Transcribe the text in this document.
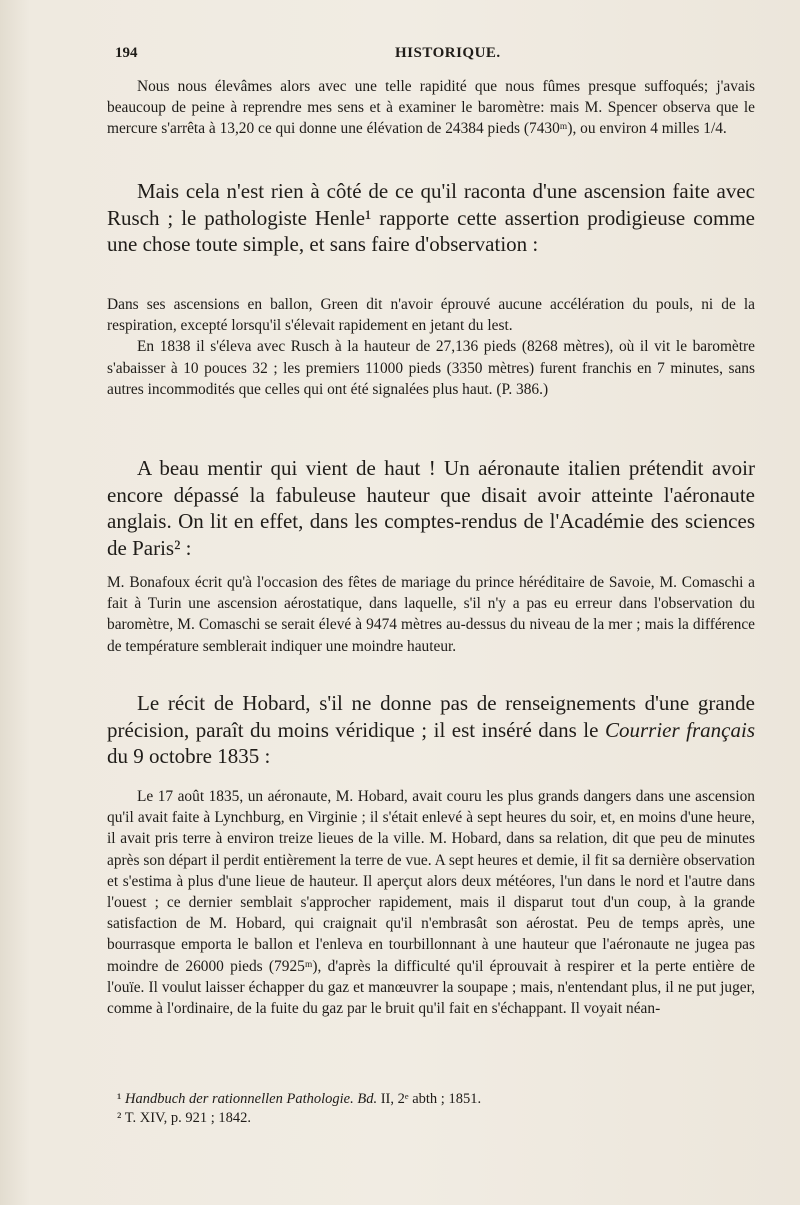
194	HISTORIQUE.

Nous nous élevâmes alors avec une telle rapidité que nous fûmes presque suffoqués; j'avais beaucoup de peine à reprendre mes sens et à examiner le baromètre: mais M. Spencer observa que le mercure s'arrêta à 13,20 ce qui donne une élévation de 24384 pieds (7430ᵐ), ou environ 4 milles 1/4.

Mais cela n'est rien à côté de ce qu'il raconta d'une ascension faite avec Rusch ; le pathologiste Henle¹ rapporte cette assertion prodigieuse comme une chose toute simple, et sans faire d'observation :

Dans ses ascensions en ballon, Green dit n'avoir éprouvé aucune accélération du pouls, ni de la respiration, excepté lorsqu'il s'élevait rapidement en jetant du lest.

En 1838 il s'éleva avec Rusch à la hauteur de 27,136 pieds (8268 mètres), où il vit le baromètre s'abaisser à 10 pouces 32 ; les premiers 11000 pieds (3350 mètres) furent franchis en 7 minutes, sans autres incommodités que celles qui ont été signalées plus haut. (P. 386.)

A beau mentir qui vient de haut ! Un aéronaute italien prétendit avoir encore dépassé la fabuleuse hauteur que disait avoir atteinte l'aéronaute anglais. On lit en effet, dans les comptes-rendus de l'Académie des sciences de Paris² :

M. Bonafoux écrit qu'à l'occasion des fêtes de mariage du prince héréditaire de Savoie, M. Comaschi a fait à Turin une ascension aérostatique, dans laquelle, s'il n'y a pas eu erreur dans l'observation du baromètre, M. Comaschi se serait élevé à 9474 mètres au-dessus du niveau de la mer ; mais la différence de température semblerait indiquer une moindre hauteur.

Le récit de Hobard, s'il ne donne pas de renseignements d'une grande précision, paraît du moins véridique ; il est inséré dans le Courrier français du 9 octobre 1835 :

Le 17 août 1835, un aéronaute, M. Hobard, avait couru les plus grands dangers dans une ascension qu'il avait faite à Lynchburg, en Virginie ; il s'était enlevé à sept heures du soir, et, en moins d'une heure, il avait pris terre à environ treize lieues de la ville. M. Hobard, dans sa relation, dit que peu de minutes après son départ il perdit entièrement la terre de vue. A sept heures et demie, il fit sa dernière observation et s'estima à plus d'une lieue de hauteur. Il aperçut alors deux météores, l'un dans le nord et l'autre dans l'ouest ; ce dernier semblait s'approcher rapidement, mais il disparut tout d'un coup, à la grande satisfaction de M. Hobard, qui craignait qu'il n'embrasât son aérostat. Peu de temps après, une bourrasque emporta le ballon et l'enleva en tourbillonnant à une hauteur que l'aéronaute ne jugea pas moindre de 26000 pieds (7925ᵐ), d'après la difficulté qu'il éprouvait à respirer et la perte entière de l'ouïe. Il voulut laisser échapper du gaz et manœuvrer la soupape ; mais, n'entendant plus, il ne put juger, comme à l'ordinaire, de la fuite du gaz par le bruit qu'il fait en s'échappant. Il voyait néan-

¹ Handbuch der rationnellen Pathologie. Bd. II, 2ᵉ abth ; 1851.
² T. XIV, p. 921 ; 1842.
